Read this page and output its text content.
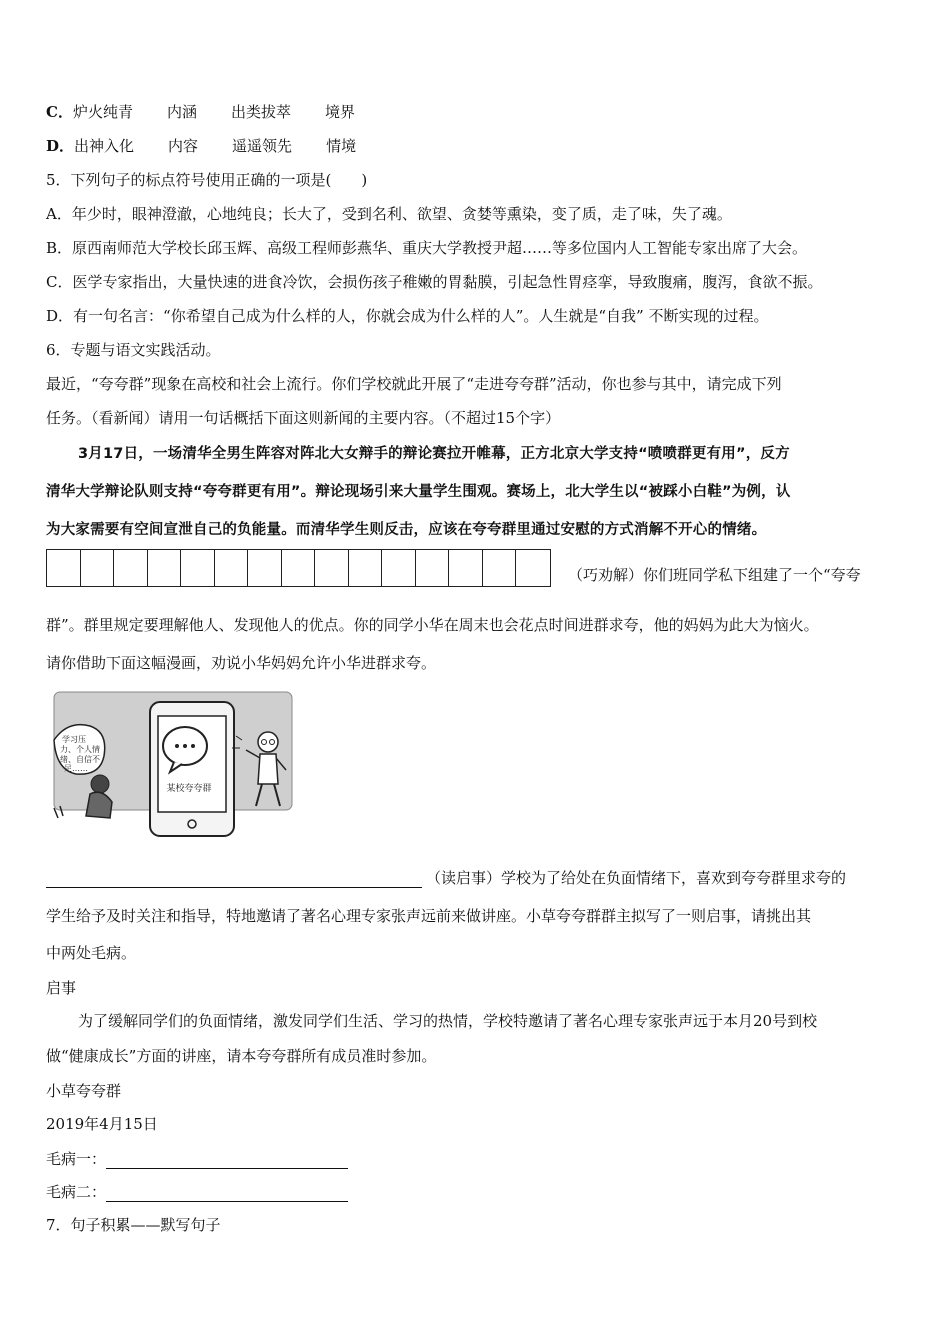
C．炉火纯青 内涵 出类拔萃 境界
D．出神入化 内容 遥遥领先 情境
5．下列句子的标点符号使用正确的一项是(　　)
A．年少时，眼神澄澈，心地纯良；长大了，受到名利、欲望、贪婪等熏染，变了质，走了味，失了魂。
B．原西南师范大学校长邱玉辉、高级工程师彭燕华、重庆大学教授尹超……等多位国内人工智能专家出席了大会。
C．医学专家指出，大量快速的进食冷饮，会损伤孩子稚嫩的胃黏膜，引起急性胃痉挛，导致腹痛，腹泻，食欲不振。
D．有一句名言：“你希望自己成为什么样的人，你就会成为什么样的人”。人生就是“自我” 不断实现的过程。
6．专题与语文实践活动。
最近，“夸夸群”现象在高校和社会上流行。你们学校就此开展了“走进夸夸群”活动，你也参与其中，请完成下列
任务。（看新闻）请用一句话概括下面这则新闻的主要内容。（不超过15个字）
3月17日，一场清华全男生阵容对阵北大女辩手的辩论赛拉开帷幕，正方北京大学支持“喷喷群更有用”，反方
清华大学辩论队则支持“夸夸群更有用”。辩论现场引来大量学生围观。赛场上，北大学生以“被踩小白鞋”为例，认
为大家需要有空间宣泄自己的负能量。而清华学生则反击，应该在夸夸群里通过安慰的方式消解不开心的情绪。
（巧劝解）你们班同学私下组建了一个“夸夸
群”。群里规定要理解他人、发现他人的优点。你的同学小华在周末也会花点时间进群求夸，他的妈妈为此大为恼火。
请你借助下面这幅漫画，劝说小华妈妈允许小华进群求夸。
某校夸夸群
学习压 力、个人情 绪、自信不 足……
（读启事）学校为了给处在负面情绪下，喜欢到夸夸群里求夸的
学生给予及时关注和指导，特地邀请了著名心理专家张声远前来做讲座。小草夸夸群群主拟写了一则启事，请挑出其
中两处毛病。
启事
为了缓解同学们的负面情绪，激发同学们生活、学习的热情，学校特邀请了著名心理专家张声远于本月20号到校
做“健康成长”方面的讲座，请本夸夸群所有成员准时参加。
小草夸夸群
2019年4月15日
毛病一：
毛病二：
7．句子积累——默写句子
